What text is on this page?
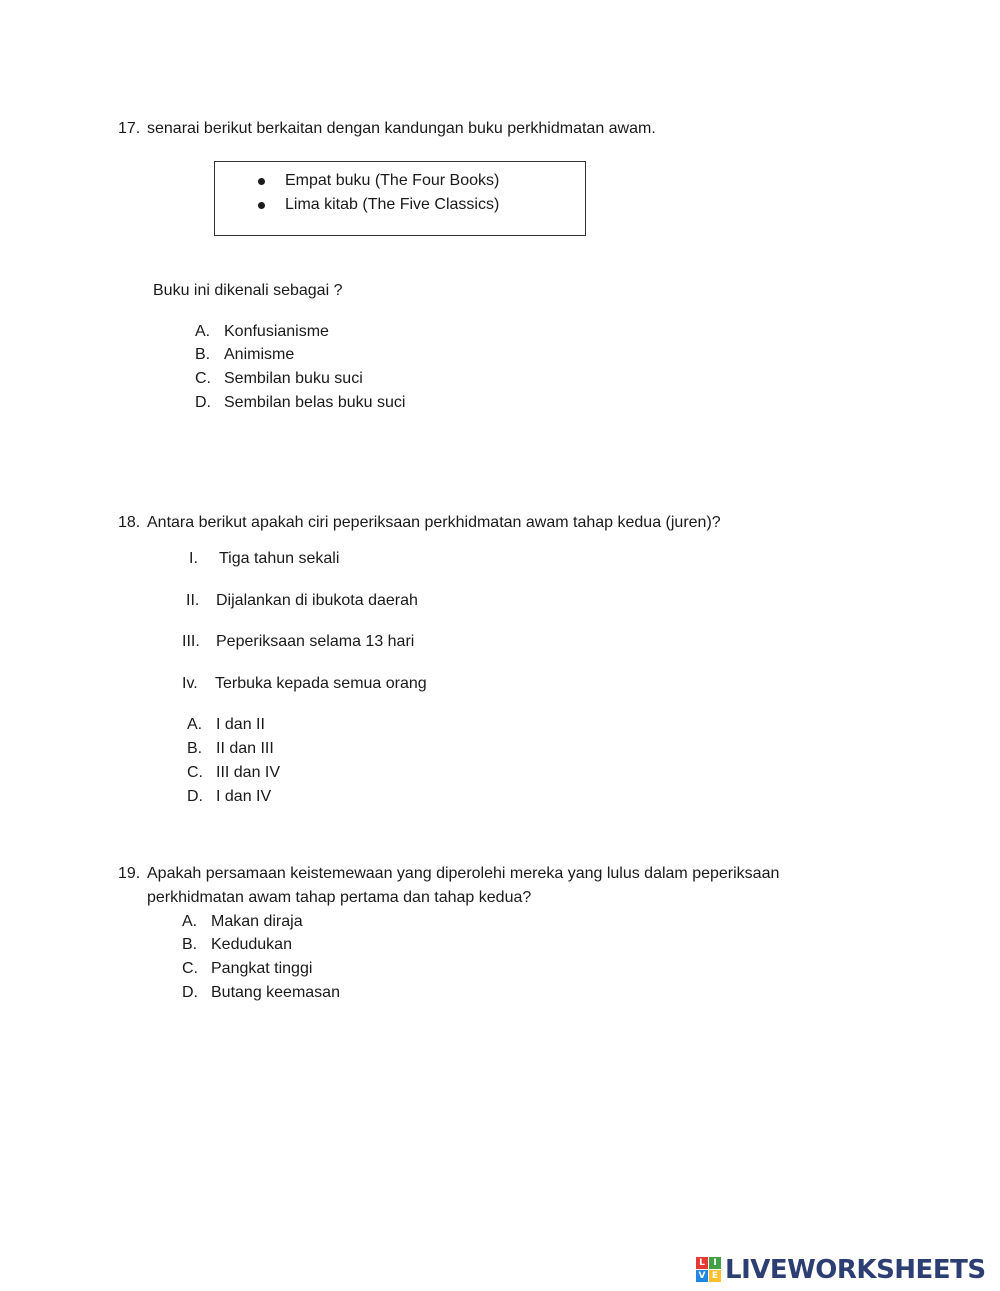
17. senarai berikut berkaitan dengan kandungan buku perkhidmatan awam.
Empat buku (The Four Books)
Lima kitab (The Five Classics)
Buku ini dikenali sebagai ?
A. Konfusianisme
B. Animisme
C. Sembilan buku suci
D. Sembilan belas buku suci
18. Antara berikut apakah ciri peperiksaan perkhidmatan awam tahap kedua (juren)?
I. Tiga tahun sekali
II. Dijalankan di ibukota daerah
III. Peperiksaan selama 13 hari
Iv. Terbuka kepada semua orang
A. I dan II
B. II dan III
C. III dan IV
D. I dan IV
19. Apakah persamaan keistemewaan yang diperolehi mereka yang lulus dalam peperiksaan
perkhidmatan awam tahap pertama dan tahap kedua?
A. Makan diraja
B. Kedudukan
C. Pangkat tinggi
D. Butang keemasan
L I
V E LIVEWORKSHEETS
